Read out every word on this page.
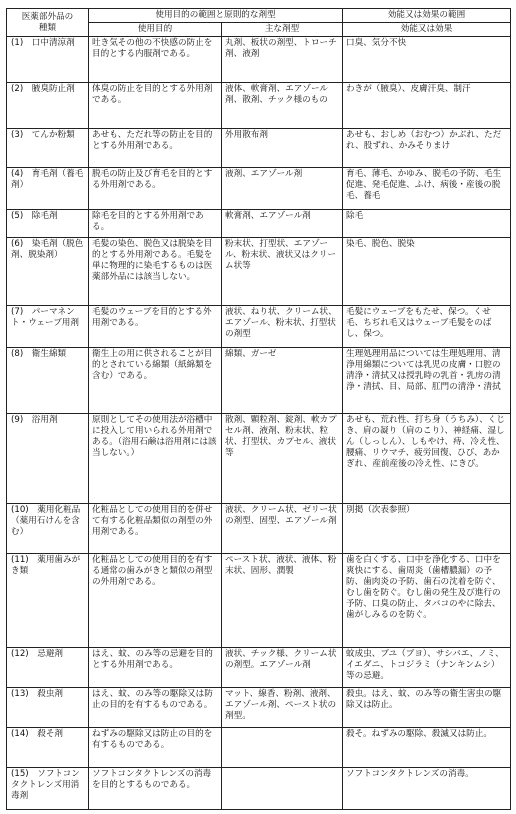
医薬部外品の
種類	使用目的の範囲と原則的な剤型		効能又は効果の範囲
	使用目的	主な剤型	効能又は効果
(1)　口中清涼剤	吐き気その他の不快感の防止を目的とする内服剤である。	丸剤、板状の剤型、トローチ剤、液剤	口臭、気分不快
(2)　腋臭防止剤	体臭の防止を目的とする外用剤である。	液体、軟膏剤、エアゾール剤、散剤、チック様のもの	わきが（腋臭）、皮膚汗臭、制汗
(3)　てんか粉類	あせも、ただれ等の防止を目的とする外用剤である。	外用散布剤	あせも、おしめ（おむつ）かぶれ、ただれ、股ずれ、かみそりまけ
(4)　育毛剤（養毛剤）	脱毛の防止及び育毛を目的とする外用剤である。	液剤、エアゾール剤	育毛、薄毛、かゆみ、脱毛の予防、毛生促進、発毛促進、ふけ、病後・産後の脱毛、養毛
(5)　除毛剤	除毛を目的とする外用剤である。	軟膏剤、エアゾール剤	除毛
(6)　染毛剤（脱色剤、脱染剤）	毛髪の染色、脱色又は脱染を目的とする外用剤である。毛髪を単に物理的に染毛するものは医薬部外品には該当しない。	粉末状、打型状、エアゾール、粉末状、液状又はクリーム状等	染毛、脱色、脱染
(7)　パーマネント・ウェーブ用剤	毛髪のウェーブを目的とする外用剤である。	液状、ねり状、クリーム状、エアゾール、粉末状、打型状の剤型	毛髪にウェーブをもたせ、保つ。くせ毛、ちぢれ毛又はウェーブ毛髪をのばし、保つ。
(8)　衛生綿類	衛生上の用に供されることが目的とされている綿類（紙綿類を含む）である。	綿類、ガーゼ	生理処理用品については生理処理用、清浄用綿類については乳児の皮膚・口腔の清浄・清拭又は授乳時の乳首・乳房の清浄・清拭、目、局部、肛門の清浄・清拭
(9)　浴用剤	原則としてその使用法が浴槽中に投入して用いられる外用剤である。（浴用石鹸は浴用剤には該当しない。）	散剤、顆粒剤、錠剤、軟カプセル剤、液剤、粉末状、粒状、打型状、カプセル、液状等	あせも、荒れ性、打ち身（うちみ）、くじき、肩の凝り（肩のこり）、神経痛、湿しん（しっしん）、しもやけ、痔、冷え性、腰痛、リウマチ、疲労回復、ひび、あかぎれ、産前産後の冷え性、にきび。
(10)　薬用化粧品（薬用石けんを含む）	化粧品としての使用目的を併せて有する化粧品類似の剤型の外用剤である。	液状、クリーム状、ゼリー状の剤型、固型、エアゾール剤	別掲（次表参照）
(11)　薬用歯みがき類	化粧品としての使用目的を有する通常の歯みがきと類似の剤型の外用剤である。	ペースト状、液状、液体、粉末状、固形、潤製	歯を白くする、口中を浄化する、口中を爽快にする、歯周炎（歯槽膿漏）の予防、歯肉炎の予防、歯石の沈着を防ぐ、むし歯を防ぐ。むし歯の発生及び進行の予防、口臭の防止、タバコのやに除去、歯がしみるのを防ぐ。
(12)　忌避剤	はえ、蚊、のみ等の忌避を目的とする外用剤である。	液状、チック様、クリーム状の剤型。エアゾール剤	蚊成虫、ブユ（ブヨ）、サシバエ、ノミ、イエダニ、トコジラミ（ナンキンムシ）等の忌避。
(13)　殺虫剤	はえ、蚊、のみ等の駆除又は防止の目的を有するものである。	マット、線香、粉剤、液剤、エアゾール剤、ペースト状の剤型。	殺虫。はえ、蚊、のみ等の衛生害虫の駆除又は防止。
(14)　殺そ剤	ねずみの駆除又は防止の目的を有するものである。		殺そ。ねずみの駆除、殺滅又は防止。
(15)　ソフトコンタクトレンズ用消毒剤	ソフトコンタクトレンズの消毒を目的とするものである。		ソフトコンタクトレンズの消毒。
